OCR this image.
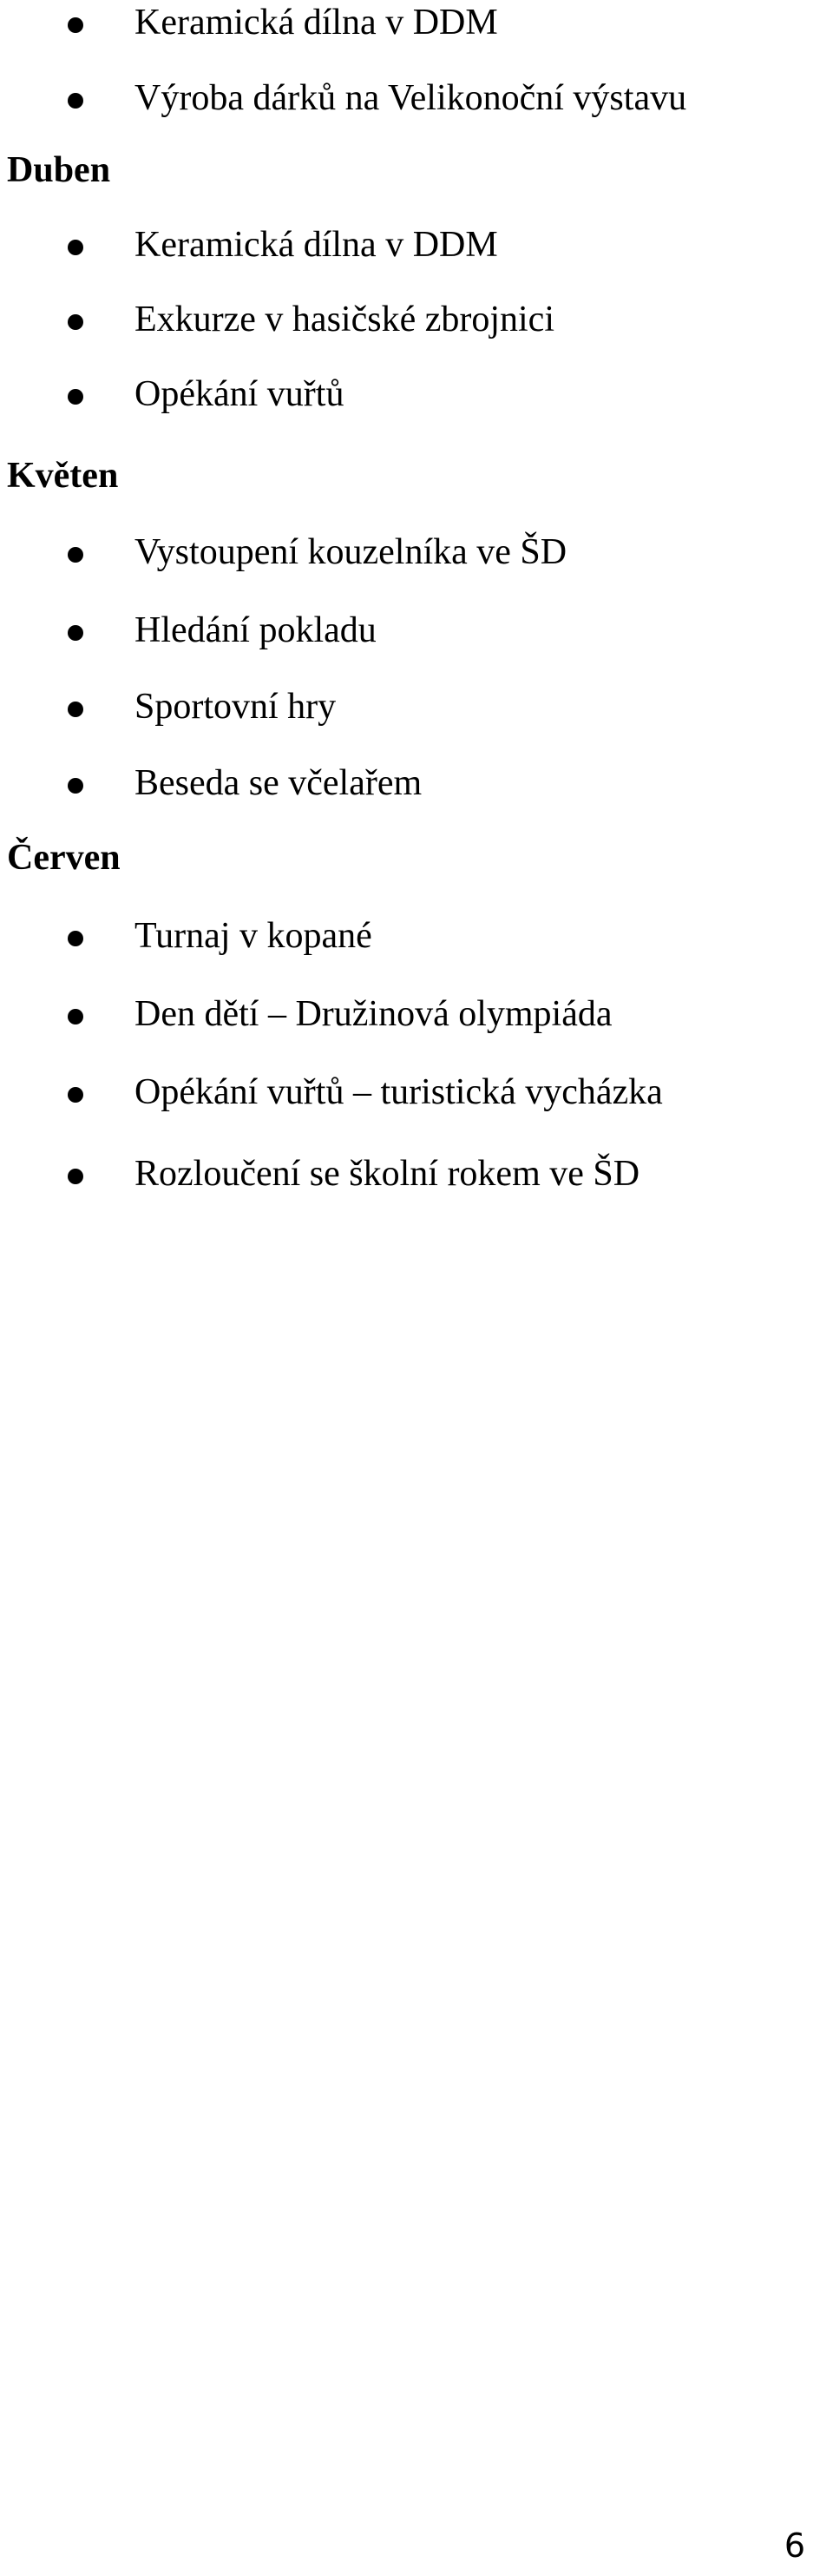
Keramická dílna v DDM
Výroba dárků na Velikonoční výstavu
Duben
Keramická dílna v DDM
Exkurze v hasičské zbrojnici
Opékání vuřtů
Květen
Vystoupení kouzelníka ve ŠD
Hledání pokladu
Sportovní hry
Beseda se včelařem
Červen
Turnaj v kopané
Den dětí – Družinová olympiáda
Opékání vuřtů – turistická vycházka
Rozloučení se školní rokem ve ŠD
6
